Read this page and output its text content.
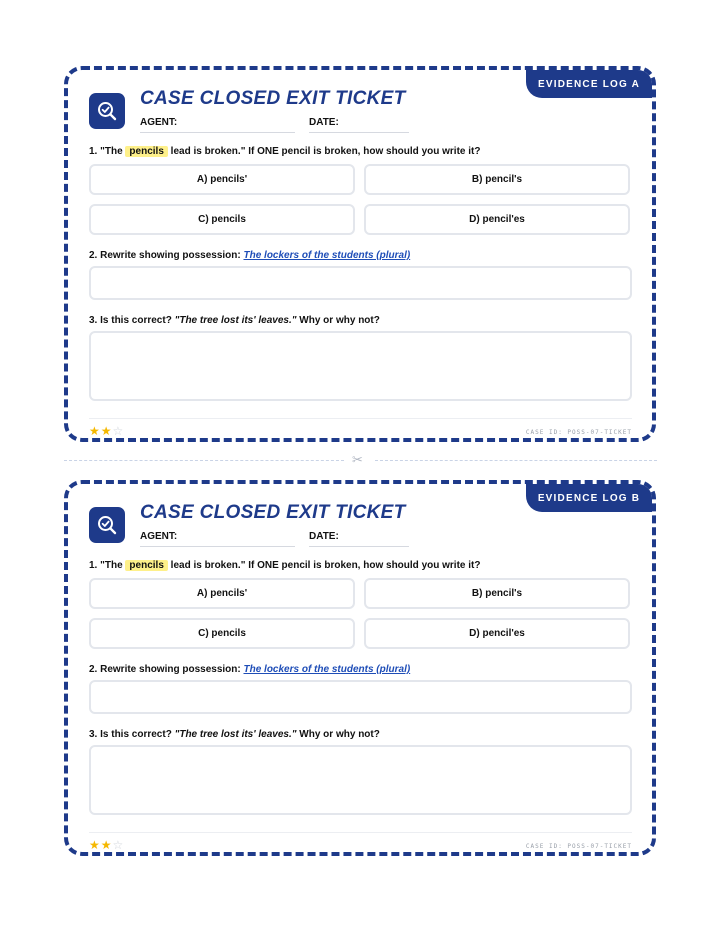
EVIDENCE LOG A
CASE CLOSED EXIT TICKET
AGENT:	DATE:
1. "The pencils lead is broken." If ONE pencil is broken, how should you write it?
A) pencils'	B) pencil's
C) pencils	D) pencil'es
2. Rewrite showing possession: The lockers of the students (plural)
3. Is this correct? "The tree lost its' leaves." Why or why not?
★★☆	CASE ID: POSS-07-TICKET
✂
EVIDENCE LOG B
CASE CLOSED EXIT TICKET
AGENT:	DATE:
1. "The pencils lead is broken." If ONE pencil is broken, how should you write it?
A) pencils'	B) pencil's
C) pencils	D) pencil'es
2. Rewrite showing possession: The lockers of the students (plural)
3. Is this correct? "The tree lost its' leaves." Why or why not?
★★☆	CASE ID: POSS-07-TICKET
